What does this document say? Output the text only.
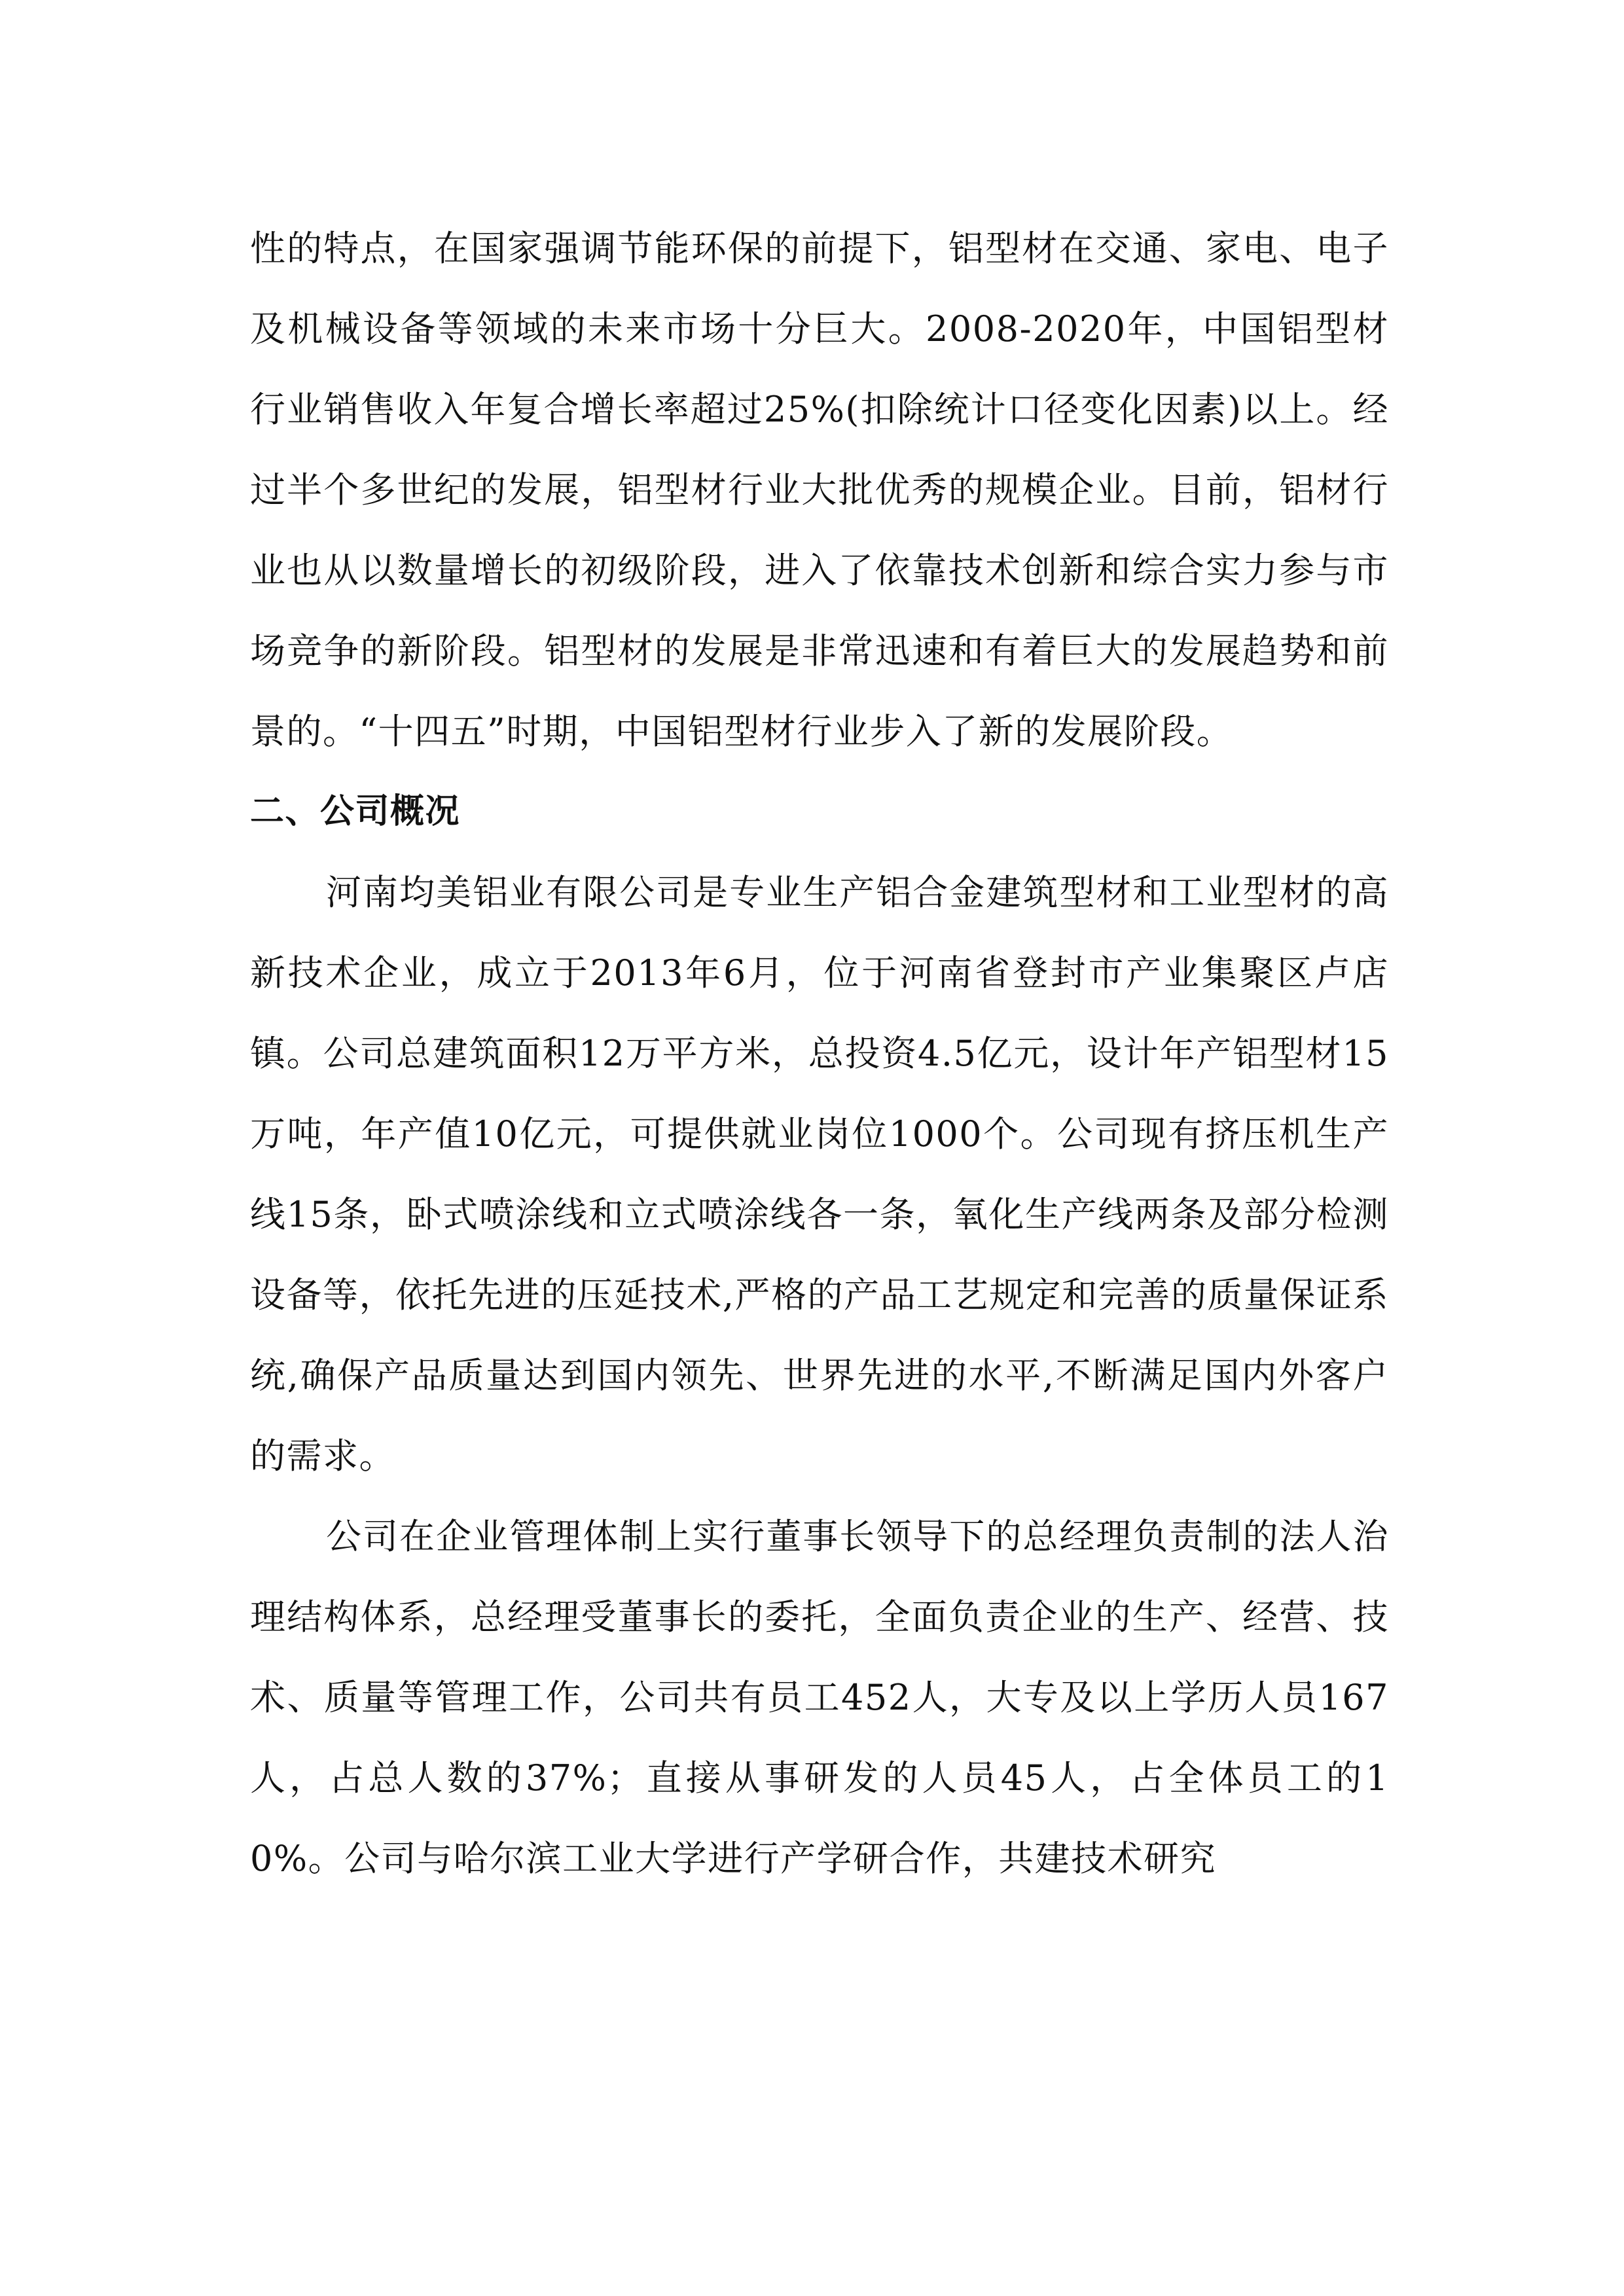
性的特点，在国家强调节能环保的前提下，铝型材在交通、家电、电子及机械设备等领域的未来市场十分巨大。2008-2020年，中国铝型材行业销售收入年复合增长率超过25%(扣除统计口径变化因素)以上。经过半个多世纪的发展，铝型材行业大批优秀的规模企业。目前，铝材行业也从以数量增长的初级阶段，进入了依靠技术创新和综合实力参与市场竞争的新阶段。铝型材的发展是非常迅速和有着巨大的发展趋势和前景的。“十四五”时期，中国铝型材行业步入了新的发展阶段。

二、公司概况

河南均美铝业有限公司是专业生产铝合金建筑型材和工业型材的高新技术企业，成立于2013年6月，位于河南省登封市产业集聚区卢店镇。公司总建筑面积12万平方米，总投资4.5亿元，设计年产铝型材15万吨，年产值10亿元，可提供就业岗位1000个。公司现有挤压机生产线15条，卧式喷涂线和立式喷涂线各一条，氧化生产线两条及部分检测设备等，依托先进的压延技术,严格的产品工艺规定和完善的质量保证系统,确保产品质量达到国内领先、世界先进的水平,不断满足国内外客户的需求。

公司在企业管理体制上实行董事长领导下的总经理负责制的法人治理结构体系，总经理受董事长的委托，全面负责企业的生产、经营、技术、质量等管理工作，公司共有员工452人，大专及以上学历人员167人，占总人数的37%；直接从事研发的人员45人，占全体员工的10%。公司与哈尔滨工业大学进行产学研合作，共建技术研究
